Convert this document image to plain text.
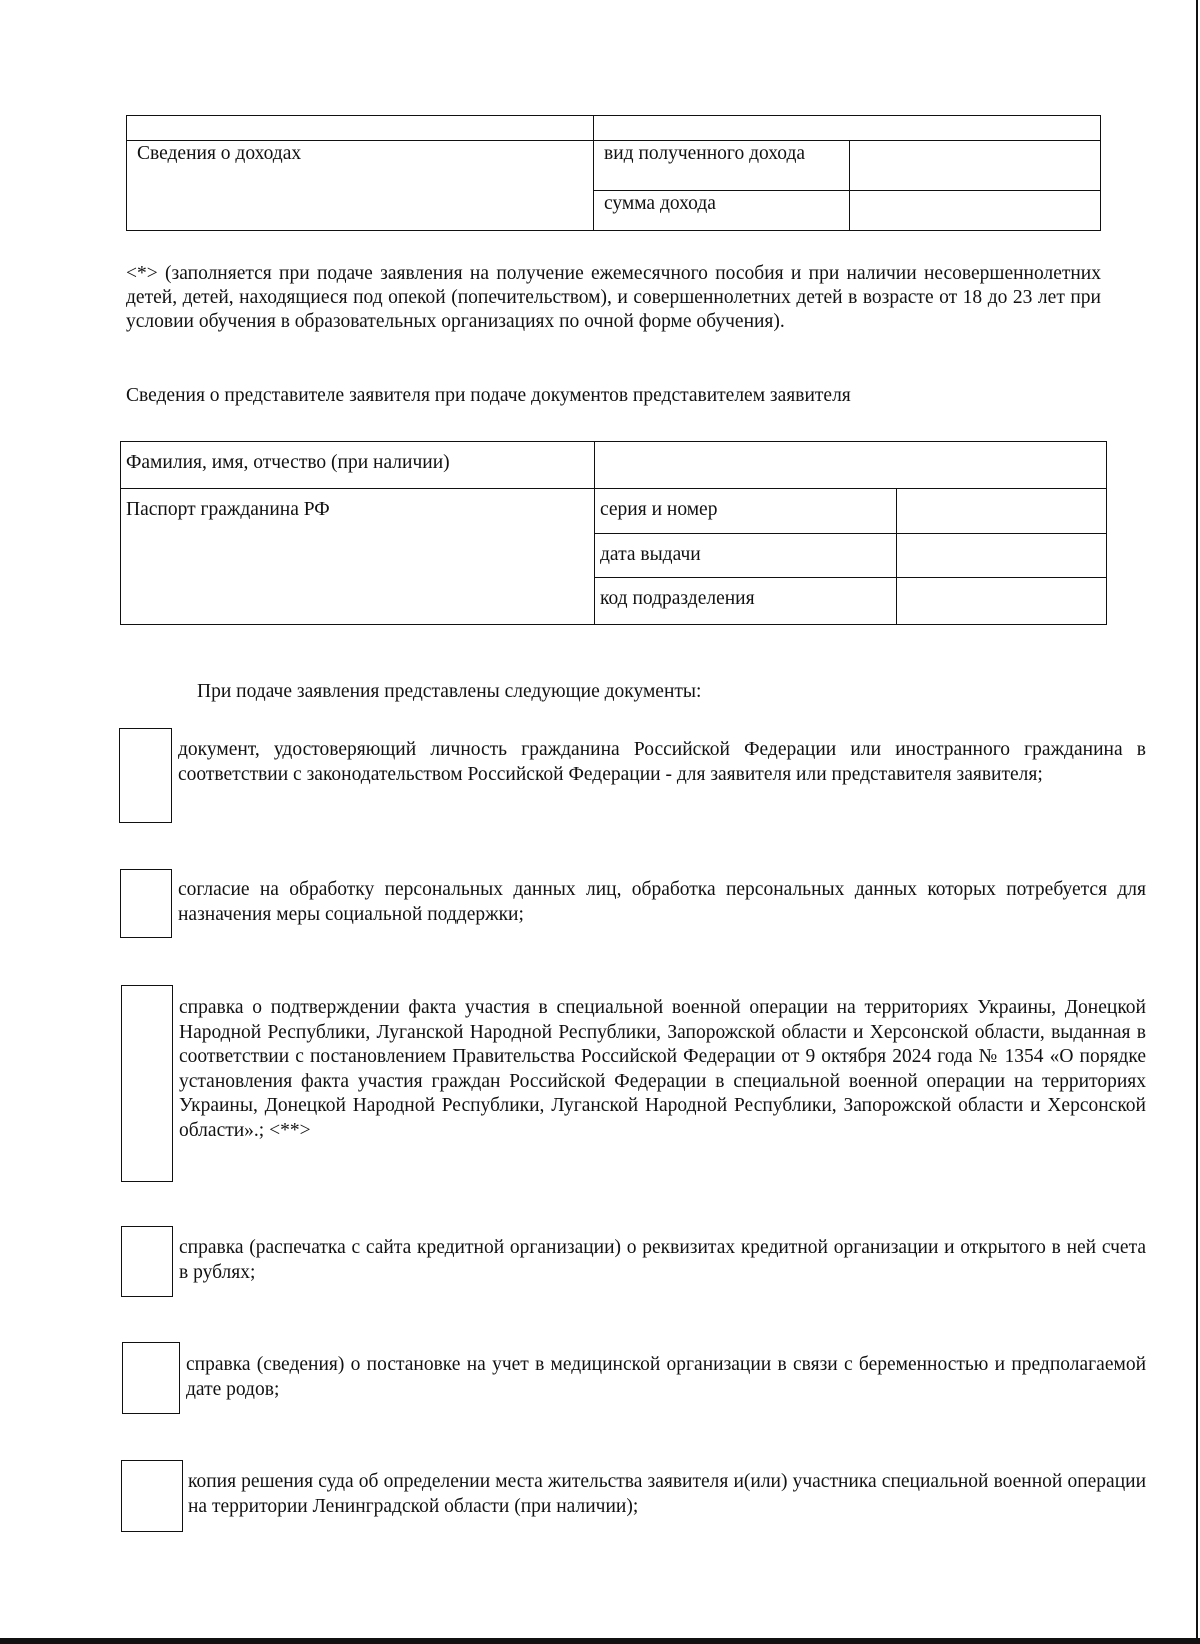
Сведения о доходах	вид полученного дохода	
	сумма дохода	

<*> (заполняется при подаче заявления на получение ежемесячного пособия и при наличии несовершеннолетних детей, детей, находящиеся под опекой (попечительством), и совершеннолетних детей в возрасте от 18 до 23 лет при условии обучения в образовательных организациях по очной форме обучения).

Сведения о представителе заявителя при подаче документов представителем заявителя

Фамилия, имя, отчество (при наличии)		
Паспорт гражданина РФ	серия и номер	
	дата выдачи	
	код подразделения	

При подаче заявления представлены следующие документы:

документ, удостоверяющий личность гражданина Российской Федерации или иностранного гражданина в соответствии с законодательством Российской Федерации - для заявителя или представителя заявителя;

согласие на обработку персональных данных лиц, обработка персональных данных которых потребуется для назначения меры социальной поддержки;

справка о подтверждении факта участия в специальной военной операции на территориях Украины, Донецкой Народной Республики, Луганской Народной Республики, Запорожской области и Херсонской области, выданная в соответствии с постановлением Правительства Российской Федерации от 9 октября 2024 года № 1354 «О порядке установления факта участия граждан Российской Федерации в специальной военной операции на территориях Украины, Донецкой Народной Республики, Луганской Народной Республики, Запорожской области и Херсонской области».; <**>

справка (распечатка с сайта кредитной организации) о реквизитах кредитной организации и открытого в ней счета в рублях;

справка (сведения) о постановке на учет в медицинской организации в связи с беременностью и предполагаемой дате родов;

копия решения суда об определении места жительства заявителя и(или) участника специальной военной операции на территории Ленинградской области (при наличии);
